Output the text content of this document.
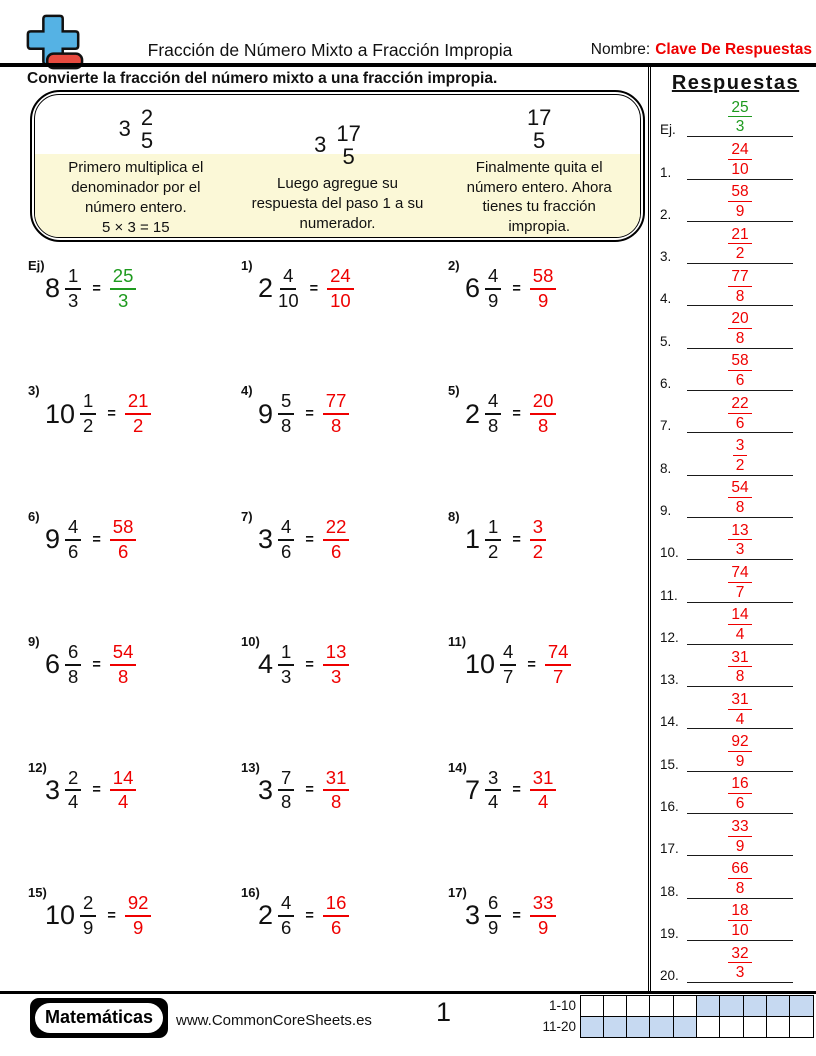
Fracción de Número Mixto a Fracción Impropia	Nombre: Clave De Respuestas
Convierte la fracción del número mixto a una fracción impropia.
3 2
5
Primero multiplica el denominador por el número entero.
5 × 3 = 15
3 17
5
Luego agregue su respuesta del paso 1 a su numerador.
17
5
Finalmente quita el número entero. Ahora tienes tu fracción impropia.
Ej)
$8 \frac{1}{3} = \frac{25}{3}$
1)
$2 \frac{4}{10} = \frac{24}{10}$
2)
$6 \frac{4}{9} = \frac{58}{9}$
3)
$10 \frac{1}{2} = \frac{21}{2}$
4)
$9 \frac{5}{8} = \frac{77}{8}$
5)
$2 \frac{4}{8} = \frac{20}{8}$
6)
$9 \frac{4}{6} = \frac{58}{6}$
7)
$3 \frac{4}{6} = \frac{22}{6}$
8)
$1 \frac{1}{2} = \frac{3}{2}$
9)
$6 \frac{6}{8} = \frac{54}{8}$
10)
$4 \frac{1}{3} = \frac{13}{3}$
11)
$10 \frac{4}{7} = \frac{74}{7}$
12)
$3 \frac{2}{4} = \frac{14}{4}$
13)
$3 \frac{7}{8} = \frac{31}{8}$
14)
$7 \frac{3}{4} = \frac{31}{4}$
15)
$10 \frac{2}{9} = \frac{92}{9}$
16)
$2 \frac{4}{6} = \frac{16}{6}$
17)
$3 \frac{6}{9} = \frac{33}{9}$
Respuestas
Ej.	$\frac{25}{3}$
1.	$\frac{24}{10}$
2.	$\frac{58}{9}$
3.	$\frac{21}{2}$
4.	$\frac{77}{8}$
5.	$\frac{20}{8}$
6.	$\frac{58}{6}$
7.	$\frac{22}{6}$
8.	$\frac{3}{2}$
9.	$\frac{54}{8}$
10.	$\frac{13}{3}$
11.	$\frac{74}{7}$
12.	$\frac{14}{4}$
13.	$\frac{31}{8}$
14.	$\frac{31}{4}$
15.	$\frac{92}{9}$
16.	$\frac{16}{6}$
17.	$\frac{33}{9}$
18.	$\frac{66}{8}$
19.	$\frac{18}{10}$
20.	$\frac{32}{3}$
Matemáticas	www.CommonCoreSheets.es 1	1-10
11-20
